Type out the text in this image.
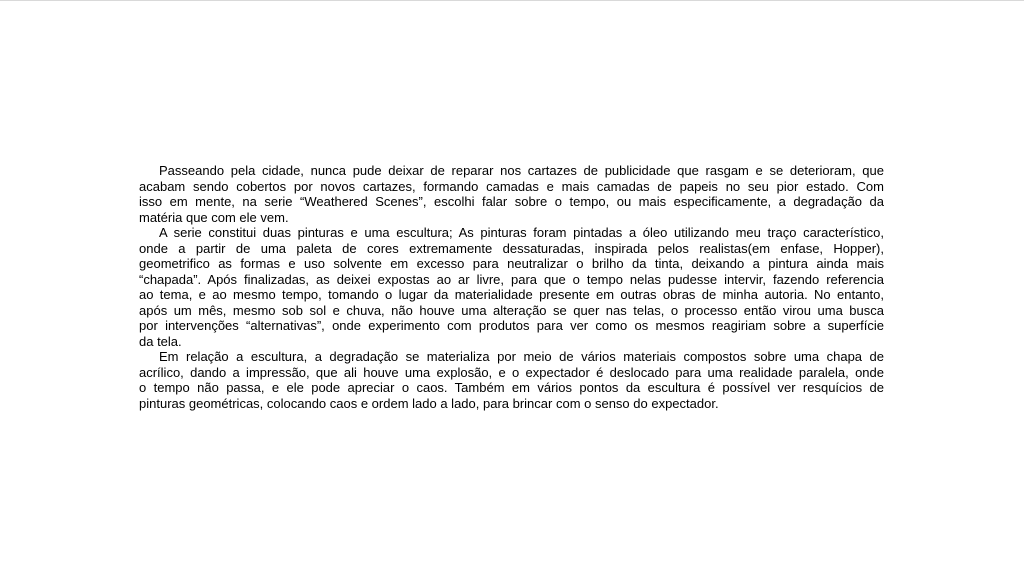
Passeando pela cidade, nunca pude deixar de reparar nos cartazes de publicidade que rasgam e se deterioram, que
acabam sendo cobertos por novos cartazes, formando camadas e mais camadas de papeis no seu pior estado. Com
isso em mente, na serie “Weathered Scenes”, escolhi falar sobre o tempo, ou mais especificamente, a degradação da
matéria que com ele vem.
A serie constitui duas pinturas e uma escultura; As pinturas foram pintadas a óleo utilizando meu traço característico,
onde a partir de uma paleta de cores extremamente dessaturadas, inspirada pelos realistas(em enfase, Hopper),
geometrifico as formas e uso solvente em excesso para neutralizar o brilho da tinta, deixando a pintura ainda mais
“chapada”. Após finalizadas, as deixei expostas ao ar livre, para que o tempo nelas pudesse intervir, fazendo referencia
ao tema, e ao mesmo tempo, tomando o lugar da materialidade presente em outras obras de minha autoria. No entanto,
após um mês, mesmo sob sol e chuva, não houve uma alteração se quer nas telas, o processo então virou uma busca
por intervenções “alternativas”, onde experimento com produtos para ver como os mesmos reagiriam sobre a superfície
da tela.
Em relação a escultura, a degradação se materializa por meio de vários materiais compostos sobre uma chapa de
acrílico, dando a impressão, que ali houve uma explosão, e o expectador é deslocado para uma realidade paralela, onde
o tempo não passa, e ele pode apreciar o caos. Também em vários pontos da escultura é possível ver resquícios de
pinturas geométricas, colocando caos e ordem lado a lado, para brincar com o senso do expectador.
